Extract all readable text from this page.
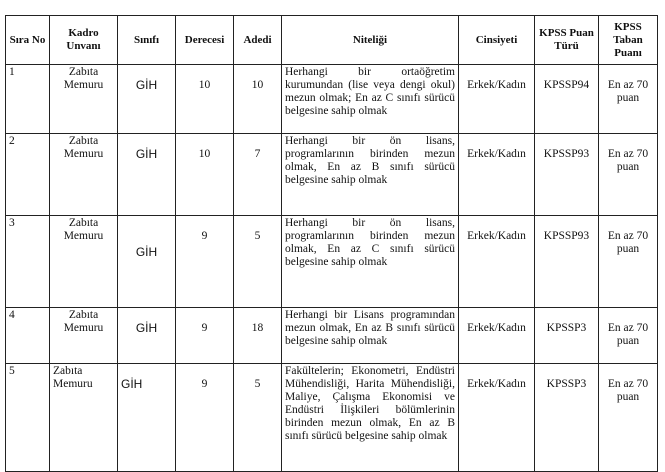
Sıra No	Kadro Unvanı	Sınıfı	Derecesi	Adedi	Niteliği	Cinsiyeti	KPSS Puan Türü	KPSS Taban Puanı
1	Zabıta Memuru	GİH	10	10	Herhangi bir ortaöğretim kurumundan (lise veya dengi okul) mezun olmak; En az C sınıfı sürücü belgesine sahip olmak	Erkek/Kadın	KPSSP94	En az 70 puan
2	Zabıta Memuru	GİH	10	7	Herhangi bir ön lisans, programlarının birinden mezun olmak, En az B sınıfı sürücü belgesine sahip olmak	Erkek/Kadın	KPSSP93	En az 70 puan
3	Zabıta Memuru	GİH	9	5	Herhangi bir ön lisans, programlarının birinden mezun olmak, En az C sınıfı sürücü belgesine sahip olmak	Erkek/Kadın	KPSSP93	En az 70 puan
4	Zabıta Memuru	GİH	9	18	Herhangi bir Lisans programından mezun olmak, En az B sınıfı sürücü belgesine sahip olmak	Erkek/Kadın	KPSSP3	En az 70 puan
5	Zabıta Memuru	GİH	9	5	Fakültelerin; Ekonometri, Endüstri Mühendisliği, Harita Mühendisliği, Maliye, Çalışma Ekonomisi ve Endüstri İlişkileri bölümlerinin birinden mezun olmak, En az B sınıfı sürücü belgesine sahip olmak	Erkek/Kadın	KPSSP3	En az 70 puan
